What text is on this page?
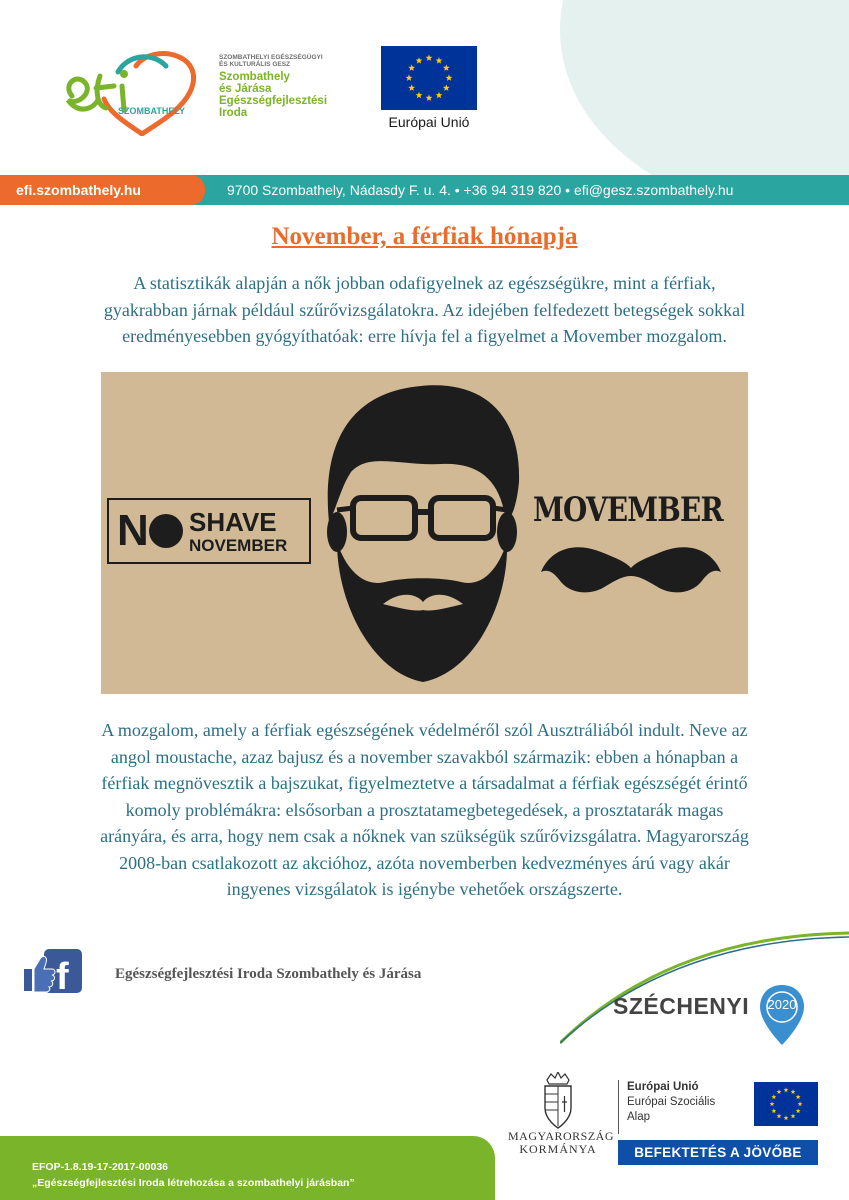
SZOMBATHELY
SZOMBATHELYI EGÉSZSÉGÜGYI
ÉS KULTURÁLIS GESZ
Szombathely
és Járása
Egészségfejlesztési
Iroda
Európai Unió
efi.szombathely.hu	9700 Szombathely, Nádasdy F. u. 4. • +36 94 319 820 • efi@gesz.szombathely.hu
November, a férfiak hónapja
A statisztikák alapján a nők jobban odafigyelnek az egészségükre, mint a férfiak,
gyakrabban járnak például szűrővizsgálatokra. Az idejében felfedezett betegségek sokkal
eredményesebben gyógyíthatóak: erre hívja fel a figyelmet a Movember mozgalom.
N SHAVE
NOVEMBER
MOVEMBER
A mozgalom, amely a férfiak egészségének védelméről szól Ausztráliából indult. Neve az
angol moustache, azaz bajusz és a november szavakból származik: ebben a hónapban a
férfiak megnövesztik a bajszukat, figyelmeztetve a társadalmat a férfiak egészségét érintő
komoly problémákra: elsősorban a prosztatamegbetegedések, a prosztatarák magas
arányára, és arra, hogy nem csak a nőknek van szükségük szűrővizsgálatra. Magyarország
2008-ban csatlakozott az akcióhoz, azóta novemberben kedvezményes árú vagy akár
ingyenes vizsgálatok is igénybe vehetőek országszerte.
f	Egészségfejlesztési Iroda Szombathely és Járása
SZÉCHENYI	2020
EFOP-1.8.19-17-2017-00036
„Egészségfejlesztési Iroda létrehozása a szombathelyi járásban”
MAGYARORSZÁG
KORMÁNYA
Európai Unió
Európai Szociális
Alap
BEFEKTETÉS A JÖVŐBE
